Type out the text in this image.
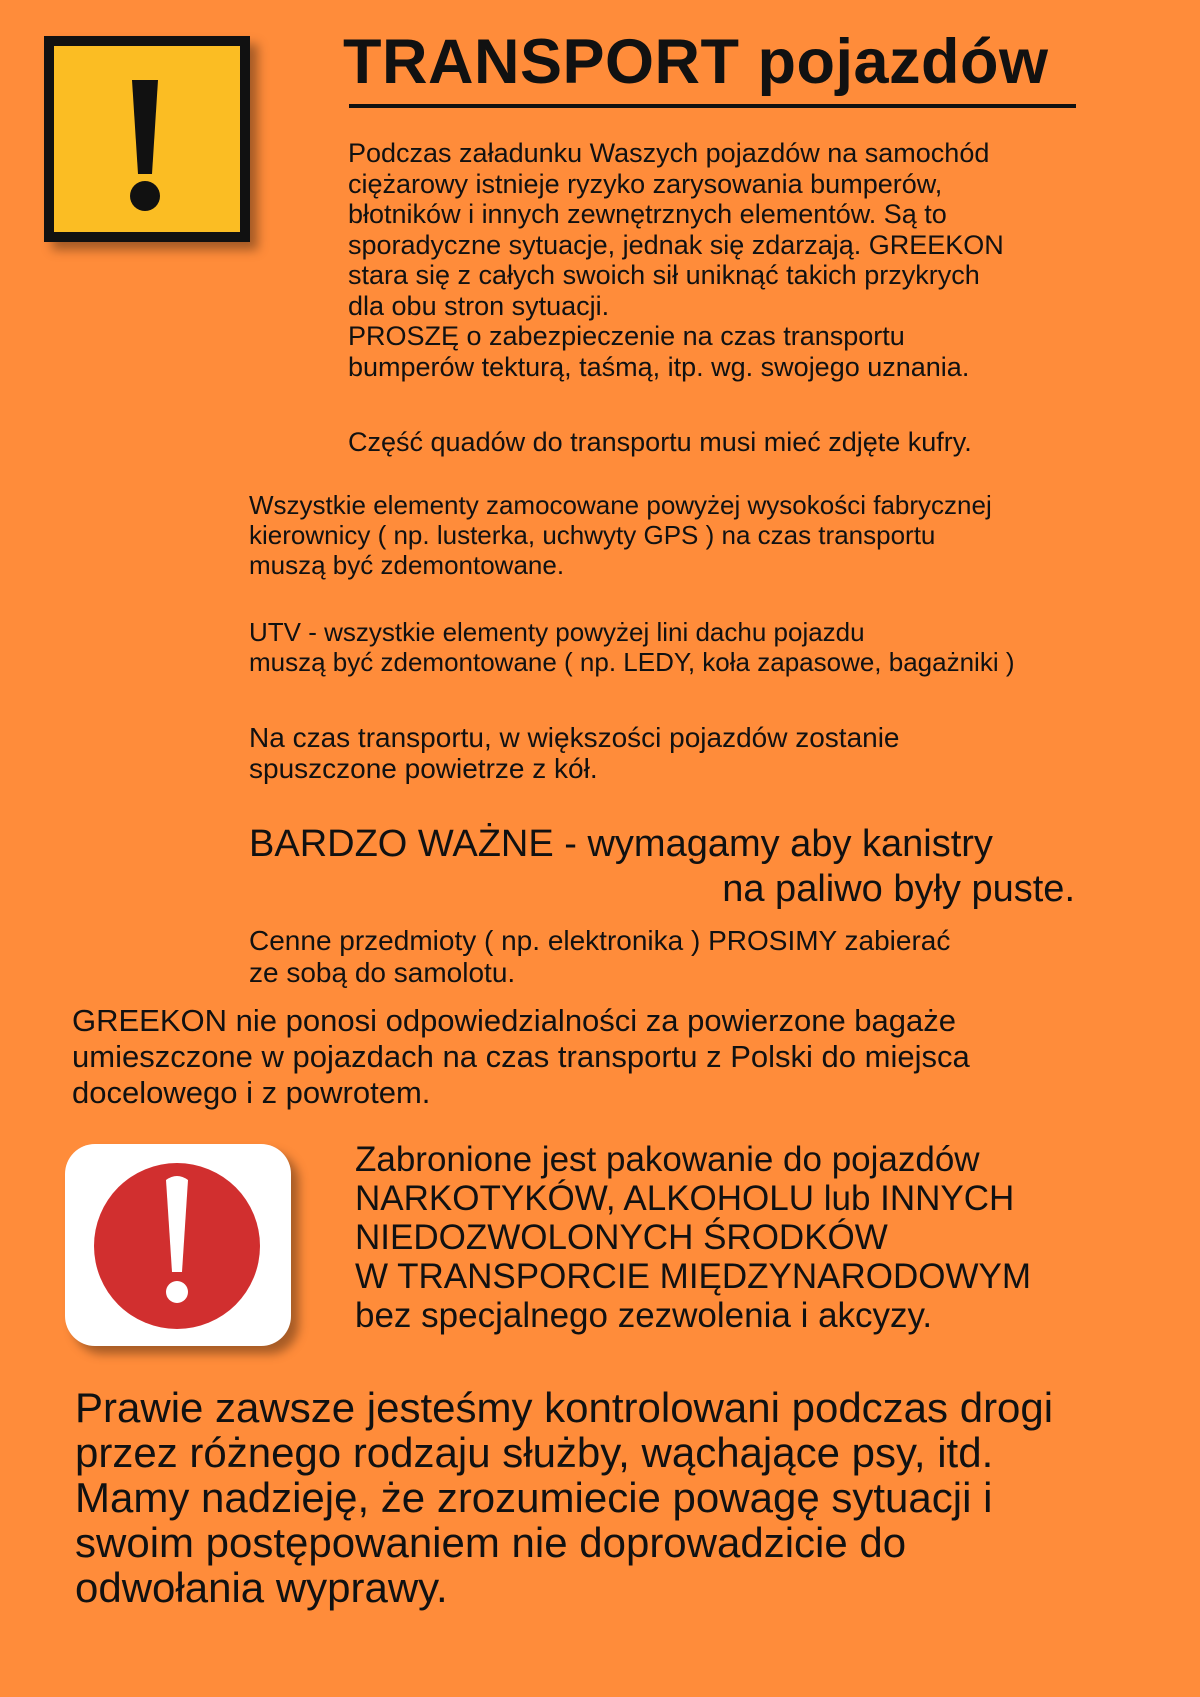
TRANSPORT pojazdów
Podczas załadunku Waszych pojazdów na samochód
ciężarowy istnieje ryzyko zarysowania bumperów,
błotników i innych zewnętrznych elementów. Są to
sporadyczne sytuacje, jednak się zdarzają. GREEKON
stara się z całych swoich sił uniknąć takich przykrych
dla obu stron sytuacji.
PROSZĘ o zabezpieczenie na czas transportu
bumperów tekturą, taśmą, itp. wg. swojego uznania.
Część quadów do transportu musi mieć zdjęte kufry.
Wszystkie elementy zamocowane powyżej wysokości fabrycznej
kierownicy ( np. lusterka, uchwyty GPS ) na czas transportu
muszą być zdemontowane.
UTV - wszystkie elementy powyżej lini dachu pojazdu
muszą być zdemontowane ( np. LEDY, koła zapasowe, bagażniki )
Na czas transportu, w większości pojazdów zostanie
spuszczone powietrze z kół.
BARDZO WAŻNE - wymagamy aby kanistry
na paliwo były puste.
Cenne przedmioty ( np. elektronika ) PROSIMY zabierać
ze sobą do samolotu.
GREEKON nie ponosi odpowiedzialności za powierzone bagaże
umieszczone w pojazdach na czas transportu z Polski do miejsca
docelowego i z powrotem.
Zabronione jest pakowanie do pojazdów
NARKOTYKÓW, ALKOHOLU lub INNYCH
NIEDOZWOLONYCH ŚRODKÓW
W TRANSPORCIE MIĘDZYNARODOWYM
bez specjalnego zezwolenia i akcyzy.
Prawie zawsze jesteśmy kontrolowani podczas drogi
przez różnego rodzaju służby, wąchające psy, itd.
Mamy nadzieję, że zrozumiecie powagę sytuacji i
swoim postępowaniem nie doprowadzicie do
odwołania wyprawy.
